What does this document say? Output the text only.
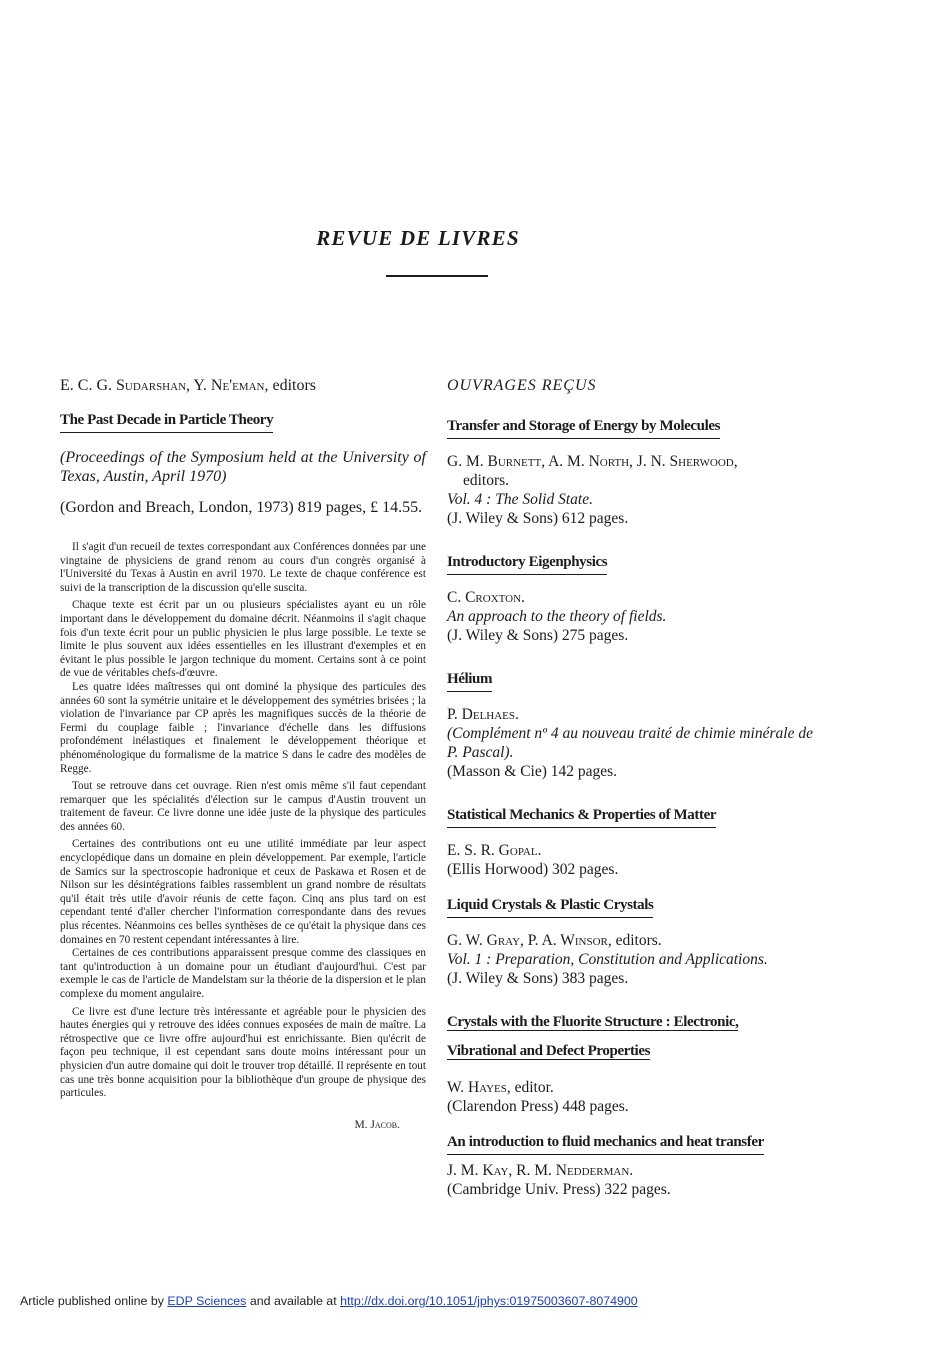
REVUE DE LIVRES
E. C. G. Sudarshan, Y. Ne'eman, editors
The Past Decade in Particle Theory
(Proceedings of the Symposium held at the University of Texas, Austin, April 1970)
(Gordon and Breach, London, 1973) 819 pages, £ 14.55.

Il s'agit d'un recueil de textes correspondant aux Conférences données par une vingtaine de physiciens de grand renom au cours d'un congrès organisé à l'Université du Texas à Austin en avril 1970. Le texte de chaque conférence est suivi de la transcription de la discussion qu'elle suscita.

Chaque texte est écrit par un ou plusieurs spécialistes ayant eu un rôle important dans le développement du domaine décrit. Néanmoins il s'agit chaque fois d'un texte écrit pour un public physicien le plus large possible. Le texte se limite le plus souvent aux idées essentielles en les illustrant d'exemples et en évitant le plus possible le jargon technique du moment. Certains sont à ce point de vue de véritables chefs-d'œuvre.

Les quatre idées maîtresses qui ont dominé la physique des particules des années 60 sont la symétrie unitaire et le développement des symétries brisées ; la violation de l'invariance par CP après les magnifiques succès de la théorie de Fermi du couplage faible ; l'invariance d'échelle dans les diffusions profondément inélastiques et finalement le développement théorique et phénoménologique du formalisme de la matrice S dans le cadre des modèles de Regge.

Tout se retrouve dans cet ouvrage. Rien n'est omis même s'il faut cependant remarquer que les spécialités d'élection sur le campus d'Austin trouvent un traitement de faveur. Ce livre donne une idée juste de la physique des particules des années 60.

Certaines des contributions ont eu une utilité immédiate par leur aspect encyclopédique dans un domaine en plein développement. Par exemple, l'article de Samics sur la spectroscopie hadronique et ceux de Paskawa et Rosen et de Nilson sur les désintégrations faibles rassemblent un grand nombre de résultats qu'il était très utile d'avoir réunis de cette façon. Cinq ans plus tard on est cependant tenté d'aller chercher l'information correspondante dans des revues plus récentes. Néanmoins ces belles synthèses de ce qu'était la physique dans ces domaines en 70 restent cependant intéressantes à lire.

Certaines de ces contributions apparaissent presque comme des classiques en tant qu'introduction à un domaine pour un étudiant d'aujourd'hui. C'est par exemple le cas de l'article de Mandelstam sur la théorie de la dispersion et le plan complexe du moment angulaire.

Ce livre est d'une lecture très intéressante et agréable pour le physicien des hautes énergies qui y retrouve des idées connues exposées de main de maître. La rétrospective que ce livre offre aujourd'hui est enrichissante. Bien qu'écrit de façon peu technique, il est cependant sans doute moins intéressant pour un physicien d'un autre domaine qui doit le trouver trop détaillé. Il représente en tout cas une très bonne acquisition pour la bibliothèque d'un groupe de physique des particules.

M. Jacob.
OUVRAGES REÇUS
Transfer and Storage of Energy by Molecules
G. M. Burnett, A. M. North, J. N. Sherwood,
editors.
Vol. 4 : The Solid State.
(J. Wiley & Sons) 612 pages.
Introductory Eigenphysics
C. Croxton.
An approach to the theory of fields.
(J. Wiley & Sons) 275 pages.
Hélium
P. Delhaes.
(Complément nº 4 au nouveau traité de chimie minérale de P. Pascal).
(Masson & Cie) 142 pages.
Statistical Mechanics & Properties of Matter
E. S. R. Gopal.
(Ellis Horwood) 302 pages.
Liquid Crystals & Plastic Crystals
G. W. Gray, P. A. Winsor, editors.
Vol. 1 : Preparation, Constitution and Applications.
(J. Wiley & Sons) 383 pages.
Crystals with the Fluorite Structure : Electronic,
Vibrational and Defect Properties
W. Hayes, editor.
(Clarendon Press) 448 pages.
An introduction to fluid mechanics and heat transfer
J. M. Kay, R. M. Nedderman.
(Cambridge Univ. Press) 322 pages.
Article published online by EDP Sciences and available at http://dx.doi.org/10.1051/jphys:01975003607-8074900
